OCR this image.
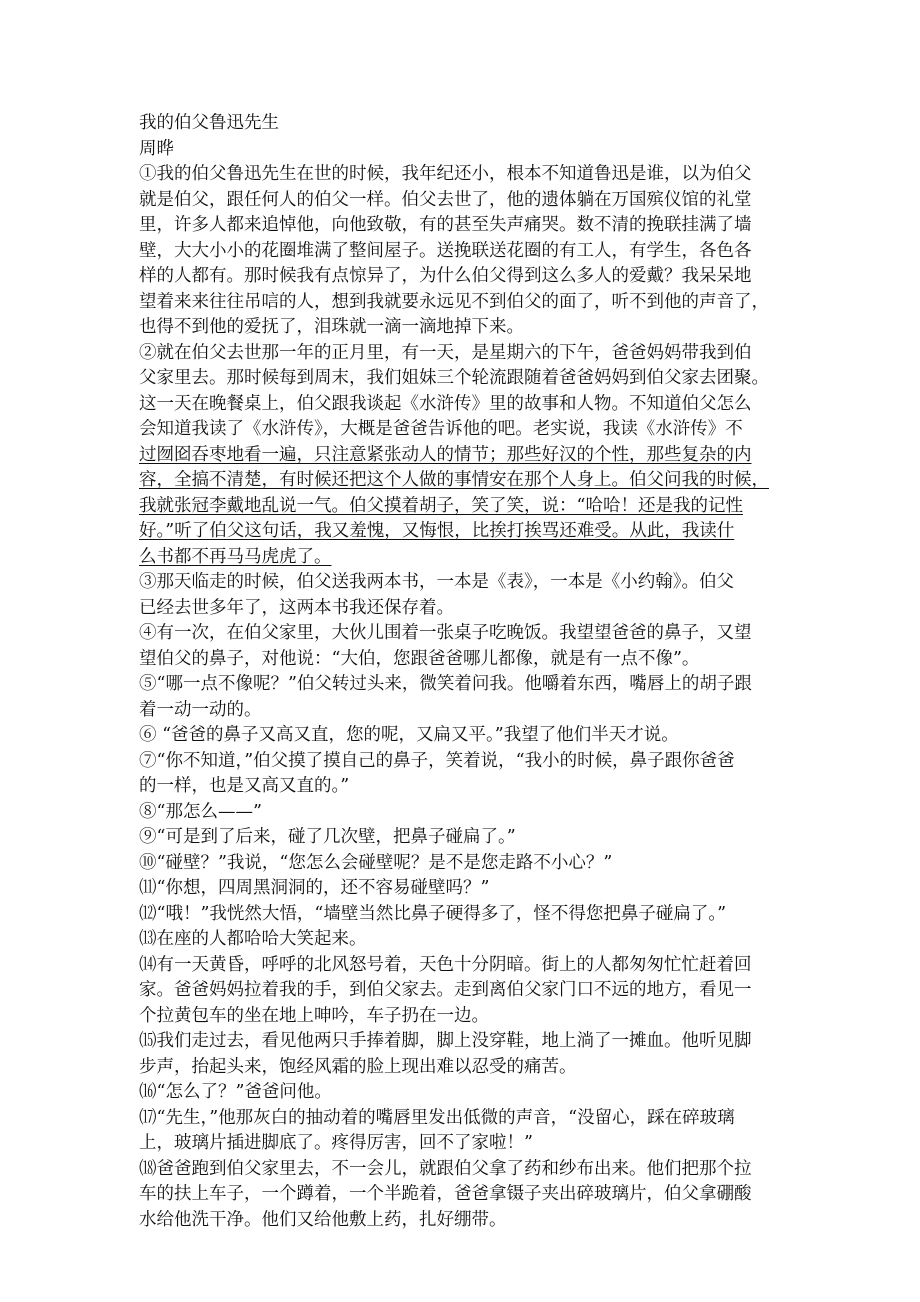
我的伯父鲁迅先生
周晔
①我的伯父鲁迅先生在世的时候，我年纪还小，根本不知道鲁迅是谁，以为伯父
就是伯父，跟任何人的伯父一样。伯父去世了，他的遗体躺在万国殡仪馆的礼堂
里，许多人都来追悼他，向他致敬，有的甚至失声痛哭。数不清的挽联挂满了墙
壁，大大小小的花圈堆满了整间屋子。送挽联送花圈的有工人，有学生，各色各
样的人都有。那时候我有点惊异了，为什么伯父得到这么多人的爱戴？我呆呆地
望着来来往往吊唁的人，想到我就要永远见不到伯父的面了，听不到他的声音了，
也得不到他的爱抚了，泪珠就一滴一滴地掉下来。
②就在伯父去世那一年的正月里，有一天，是星期六的下午，爸爸妈妈带我到伯
父家里去。那时候每到周末，我们姐妹三个轮流跟随着爸爸妈妈到伯父家去团聚。
这一天在晚餐桌上，伯父跟我谈起《水浒传》里的故事和人物。不知道伯父怎么
会知道我读了《水浒传》，大概是爸爸告诉他的吧。老实说，我读《水浒传》不
过囫囵吞枣地看一遍，只注意紧张动人的情节；那些好汉的个性，那些复杂的内
容，全搞不清楚，有时候还把这个人做的事情安在那个人身上。伯父问我的时候，
我就张冠李戴地乱说一气。伯父摸着胡子，笑了笑，说：“哈哈！还是我的记性
好。”听了伯父这句话，我又羞愧，又悔恨，比挨打挨骂还难受。从此，我读什
么书都不再马马虎虎了。
③那天临走的时候，伯父送我两本书，一本是《表》，一本是《小约翰》。伯父
已经去世多年了，这两本书我还保存着。
④有一次，在伯父家里，大伙儿围着一张桌子吃晚饭。我望望爸爸的鼻子，又望
望伯父的鼻子，对他说：“大伯，您跟爸爸哪儿都像，就是有一点不像”。
⑤“哪一点不像呢？”伯父转过头来，微笑着问我。他嚼着东西，嘴唇上的胡子跟
着一动一动的。
⑥ “爸爸的鼻子又高又直，您的呢，又扁又平。”我望了他们半天才说。
⑦“你不知道，”伯父摸了摸自己的鼻子，笑着说，“我小的时候，鼻子跟你爸爸
的一样，也是又高又直的。”
⑧“那怎么——”
⑨“可是到了后来，碰了几次壁，把鼻子碰扁了。”
⑩“碰壁？”我说，“您怎么会碰壁呢？是不是您走路不小心？”
⑾“你想，四周黑洞洞的，还不容易碰壁吗？”
⑿“哦！”我恍然大悟，“墙壁当然比鼻子硬得多了，怪不得您把鼻子碰扁了。”
⒀在座的人都哈哈大笑起来。
⒁有一天黄昏，呼呼的北风怒号着，天色十分阴暗。街上的人都匆匆忙忙赶着回
家。爸爸妈妈拉着我的手，到伯父家去。走到离伯父家门口不远的地方，看见一
个拉黄包车的坐在地上呻吟，车子扔在一边。
⒂我们走过去，看见他两只手捧着脚，脚上没穿鞋，地上淌了一摊血。他听见脚
步声，抬起头来，饱经风霜的脸上现出难以忍受的痛苦。
⒃“怎么了？”爸爸问他。
⒄“先生，”他那灰白的抽动着的嘴唇里发出低微的声音，“没留心，踩在碎玻璃
上，玻璃片插进脚底了。疼得厉害，回不了家啦！”
⒅爸爸跑到伯父家里去，不一会儿，就跟伯父拿了药和纱布出来。他们把那个拉
车的扶上车子，一个蹲着，一个半跪着，爸爸拿镊子夹出碎玻璃片，伯父拿硼酸
水给他洗干净。他们又给他敷上药，扎好绷带。
